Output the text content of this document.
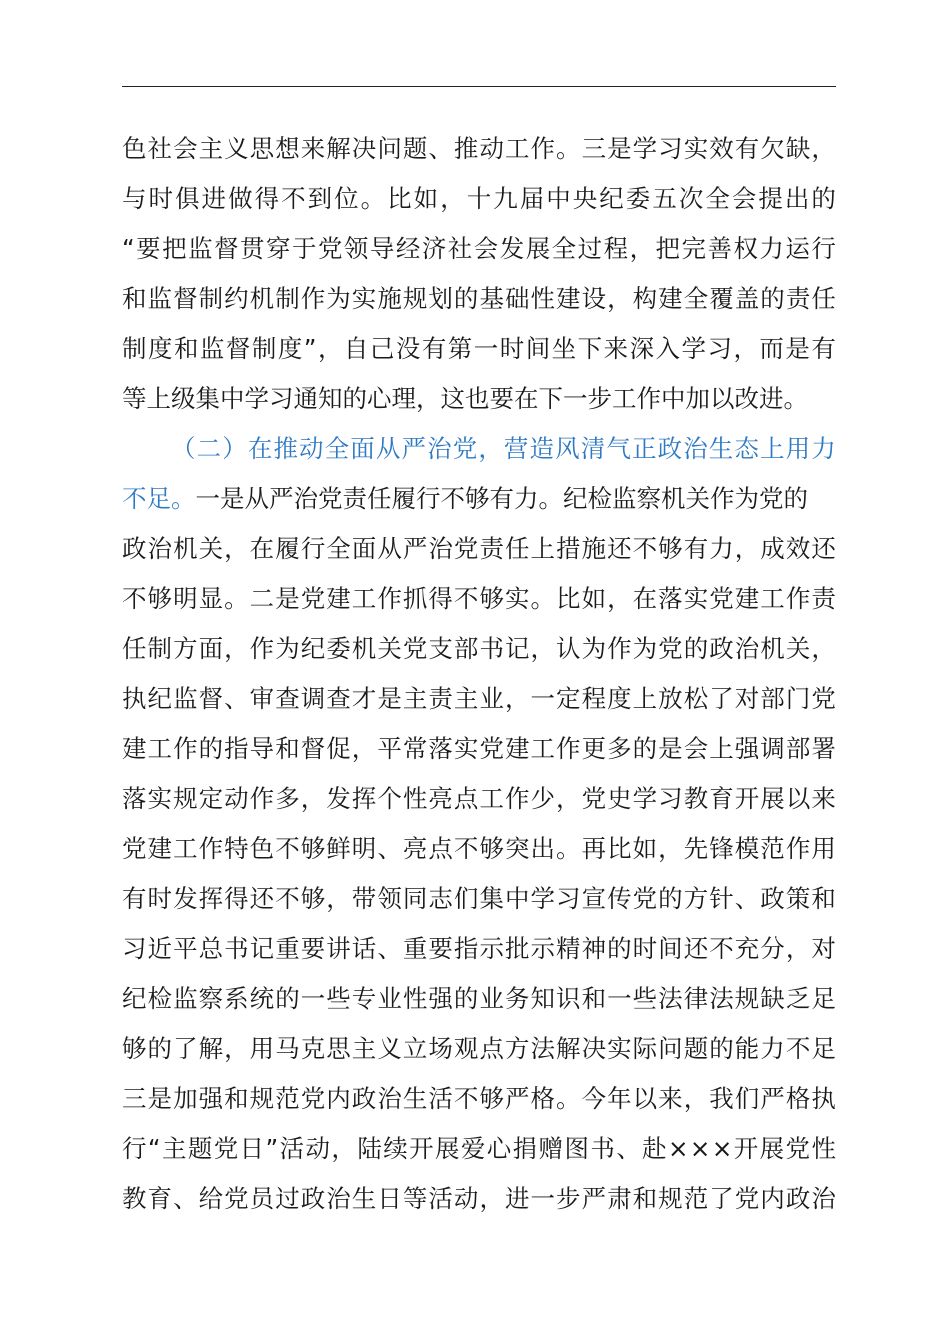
色 社 会 主 义 思 想 来 解 决 问 题 、 推 动 工 作 。 三 是 学 习 实 效 有 欠 缺 ，
与 时 俱 进 做 得 不 到 位 。 比 如 ， 十 九 届 中 央 纪 委 五 次 全 会 提 出 的
“ 要 把 监 督 贯 穿 于 党 领 导 经 济 社 会 发 展 全 过 程 ， 把 完 善 权 力 运 行
和 监 督 制 约 机 制 作 为 实 施 规 划 的 基 础 性 建 设 ， 构 建 全 覆 盖 的 责 任
制 度 和 监 督 制 度 ” ， 自 己 没 有 第 一 时 间 坐 下 来 深 入 学 习 ， 而 是 有
等上级集中学习通知的心理，这也要在下一步工作中加以改进。
（ 二 ） 在 推 动 全 面 从 严 治 党 ， 营 造 风 清 气 正 政 治 生 态 上 用 力
不足。 一是从严治党责任履行不够有力。纪检监察机关作为党的
政 治 机 关 ， 在 履 行 全 面 从 严 治 党 责 任 上 措 施 还 不 够 有 力 ， 成 效 还
不 够 明 显 。 二 是 党 建 工 作 抓 得 不 够 实 。 比 如 ， 在 落 实 党 建 工 作 责
任 制 方 面 ， 作 为 纪 委 机 关 党 支 部 书 记 ， 认 为 作 为 党 的 政 治 机 关 ，
执 纪 监 督 、 审 查 调 查 才 是 主 责 主 业 ， 一 定 程 度 上 放 松 了 对 部 门 党
建 工 作 的 指 导 和 督 促 ， 平 常 落 实 党 建 工 作 更 多 的 是 会 上 强 调 部 署
落 实 规 定 动 作 多 ， 发 挥 个 性 亮 点 工 作 少 ， 党 史 学 习 教 育 开 展 以 来
党 建 工 作 特 色 不 够 鲜 明 、 亮 点 不 够 突 出 。 再 比 如 ， 先 锋 模 范 作 用
有 时 发 挥 得 还 不 够 ， 带 领 同 志 们 集 中 学 习 宣 传 党 的 方 针 、 政 策 和
习 近 平 总 书 记 重 要 讲 话 、 重 要 指 示 批 示 精 神 的 时 间 还 不 充 分 ， 对
纪 检 监 察 系 统 的 一 些 专 业 性 强 的 业 务 知 识 和 一 些 法 律 法 规 缺 乏 足
够 的 了 解 ， 用 马 克 思 主 义 立 场 观 点 方 法 解 决 实 际 问 题 的 能 力 不 足
三 是 加 强 和 规 范 党 内 政 治 生 活 不 够 严 格 。 今 年 以 来 ， 我 们 严 格 执
行 “ 主 题 党 日 ” 活 动 ， 陆 续 开 展 爱 心 捐 赠 图 书 、 赴 × × × 开 展 党 性
教 育 、 给 党 员 过 政 治 生 日 等 活 动 ， 进 一 步 严 肃 和 规 范 了 党 内 政 治
